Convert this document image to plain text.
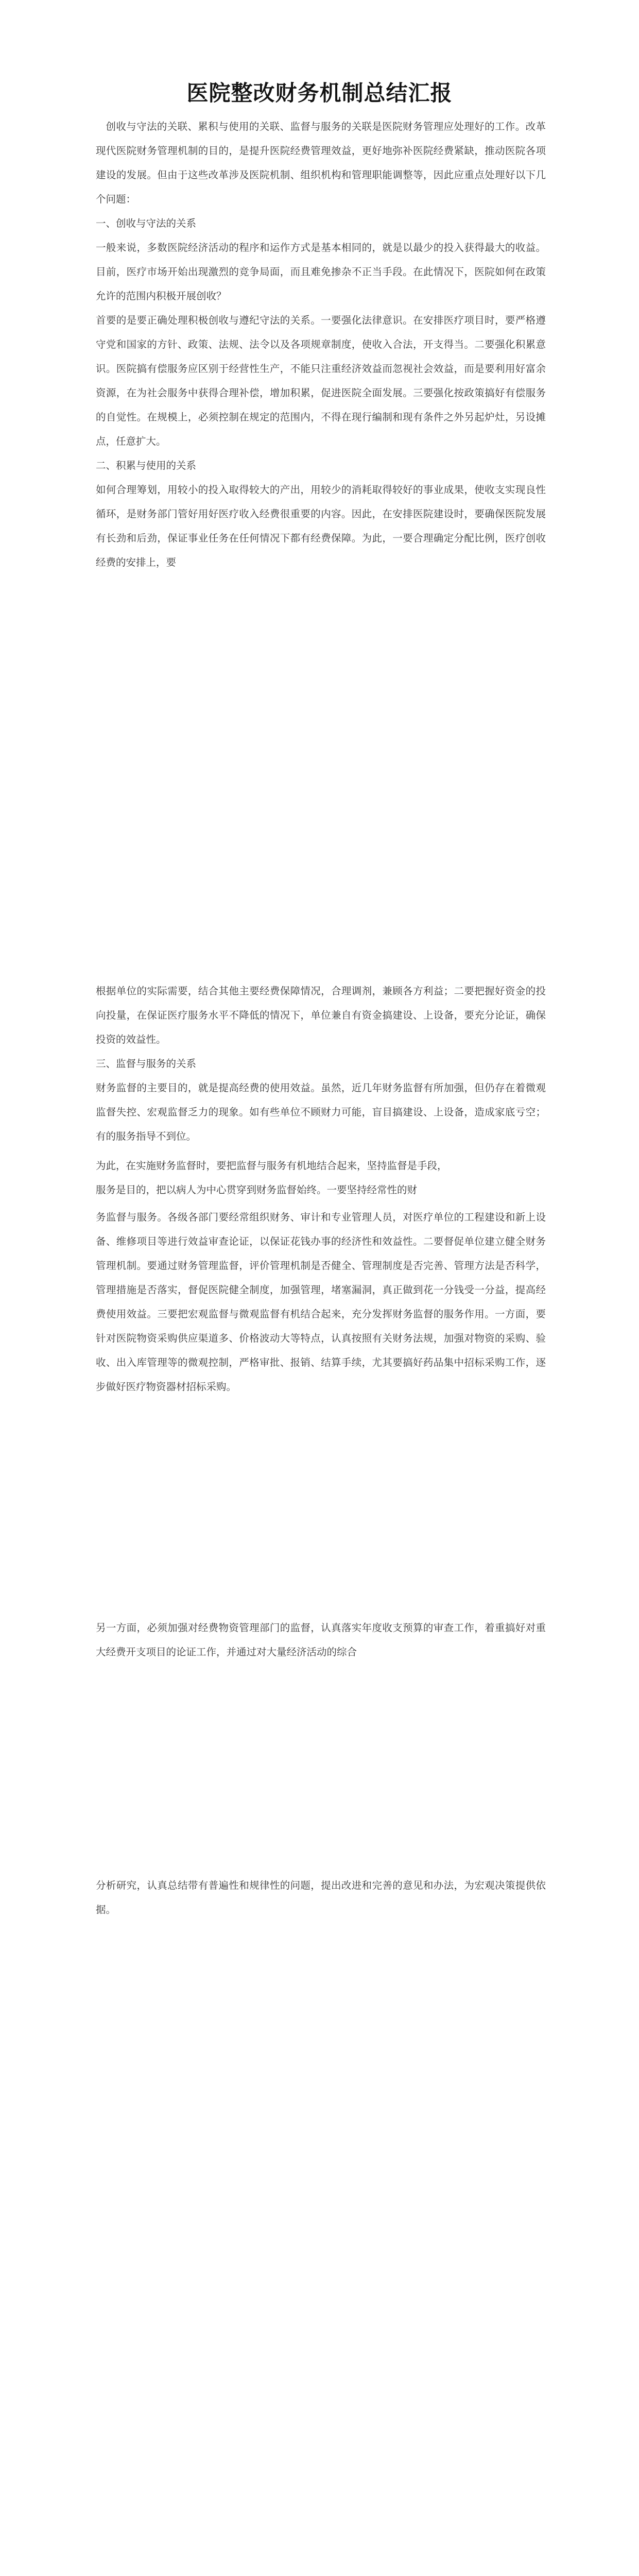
医院整改财务机制总结汇报

创收与守法的关联、累积与使用的关联、监督与服务的关联是医院财务管理应处理好的工作。改革现代医院财务管理机制的目的，是提升医院经费管理效益，更好地弥补医院经费紧缺，推动医院各项建设的发展。但由于这些改革涉及医院机制、组织机构和管理职能调整等，因此应重点处理好以下几个问题：

一、创收与守法的关系

一般来说，多数医院经济活动的程序和运作方式是基本相同的，就是以最少的投入获得最大的收益。目前，医疗市场开始出现激烈的竞争局面，而且难免掺杂不正当手段。在此情况下，医院如何在政策允许的范围内积极开展创收？

首要的是要正确处理积极创收与遵纪守法的关系。一要强化法律意识。在安排医疗项目时，要严格遵守党和国家的方针、政策、法规、法令以及各项规章制度，使收入合法，开支得当。二要强化积累意识。医院搞有偿服务应区别于经营性生产，不能只注重经济效益而忽视社会效益，而是要利用好富余资源，在为社会服务中获得合理补偿，增加积累，促进医院全面发展。三要强化按政策搞好有偿服务的自觉性。在规模上，必须控制在规定的范围内，不得在现行编制和现有条件之外另起炉灶，另设摊点，任意扩大。

二、积累与使用的关系

如何合理筹划，用较小的投入取得较大的产出，用较少的消耗取得较好的事业成果，使收支实现良性循环，是财务部门管好用好医疗收入经费很重要的内容。因此，在安排医院建设时，要确保医院发展有长劲和后劲，保证事业任务在任何情况下都有经费保障。为此，一要合理确定分配比例，医疗创收经费的安排上，要

根据单位的实际需要，结合其他主要经费保障情况，合理调剂，兼顾各方利益；二要把握好资金的投向投量，在保证医疗服务水平不降低的情况下，单位兼自有资金搞建设、上设备，要充分论证，确保投资的效益性。

三、监督与服务的关系

财务监督的主要目的，就是提高经费的使用效益。虽然，近几年财务监督有所加强，但仍存在着微观监督失控、宏观监督乏力的现象。如有些单位不顾财力可能，盲目搞建设、上设备，造成家底亏空；有的服务指导不到位。

为此，在实施财务监督时，要把监督与服务有机地结合起来，坚持监督是手段，

服务是目的，把以病人为中心贯穿到财务监督始终。一要坚持经常性的财

务监督与服务。各级各部门要经常组织财务、审计和专业管理人员，对医疗单位的工程建设和新上设备、维修项目等进行效益审查论证，以保证花钱办事的经济性和效益性。二要督促单位建立健全财务管理机制。要通过财务管理监督，评价管理机制是否健全、管理制度是否完善、管理方法是否科学，管理措施是否落实，督促医院健全制度，加强管理，堵塞漏洞，真正做到花一分钱受一分益，提高经费使用效益。三要把宏观监督与微观监督有机结合起来，充分发挥财务监督的服务作用。一方面，要针对医院物资采购供应渠道多、价格波动大等特点，认真按照有关财务法规，加强对物资的采购、验收、出入库管理等的微观控制，严格审批、报销、结算手续，尤其要搞好药品集中招标采购工作，逐步做好医疗物资器材招标采购。

另一方面，必须加强对经费物资管理部门的监督，认真落实年度收支预算的审查工作，着重搞好对重大经费开支项目的论证工作，并通过对大量经济活动的综合

分析研究，认真总结带有普遍性和规律性的问题，提出改进和完善的意见和办法，为宏观决策提供依据。
